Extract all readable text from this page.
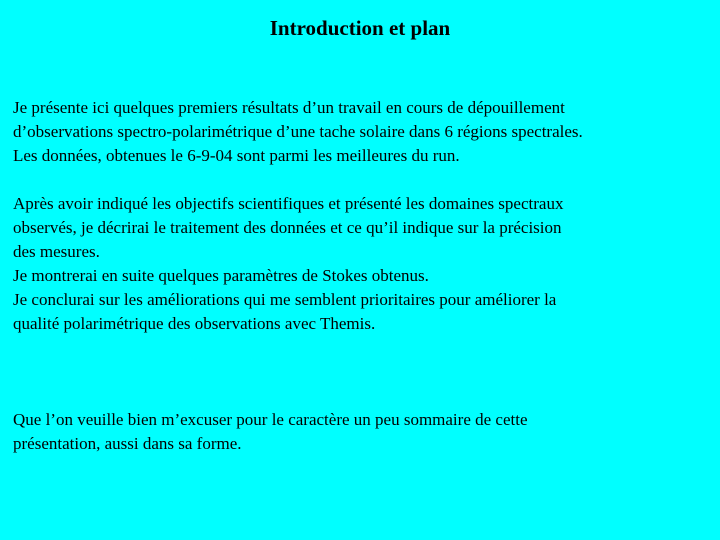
Introduction et plan
Je présente ici quelques premiers résultats d’un travail en cours de dépouillement
d’observations spectro-polarimétrique d’une tache solaire dans 6 régions spectrales.
Les données, obtenues le 6-9-04 sont parmi les meilleures du run.
Après avoir indiqué les objectifs scientifiques et présenté les domaines spectraux
observés, je décrirai le traitement des données et ce qu’il indique sur la précision
des mesures.
Je montrerai en suite quelques paramètres de Stokes obtenus.
Je conclurai sur les améliorations qui me semblent prioritaires pour améliorer la
qualité polarimétrique des observations avec Themis.
Que l’on veuille bien m’excuser pour le caractère un peu sommaire de cette
présentation, aussi dans sa forme.
